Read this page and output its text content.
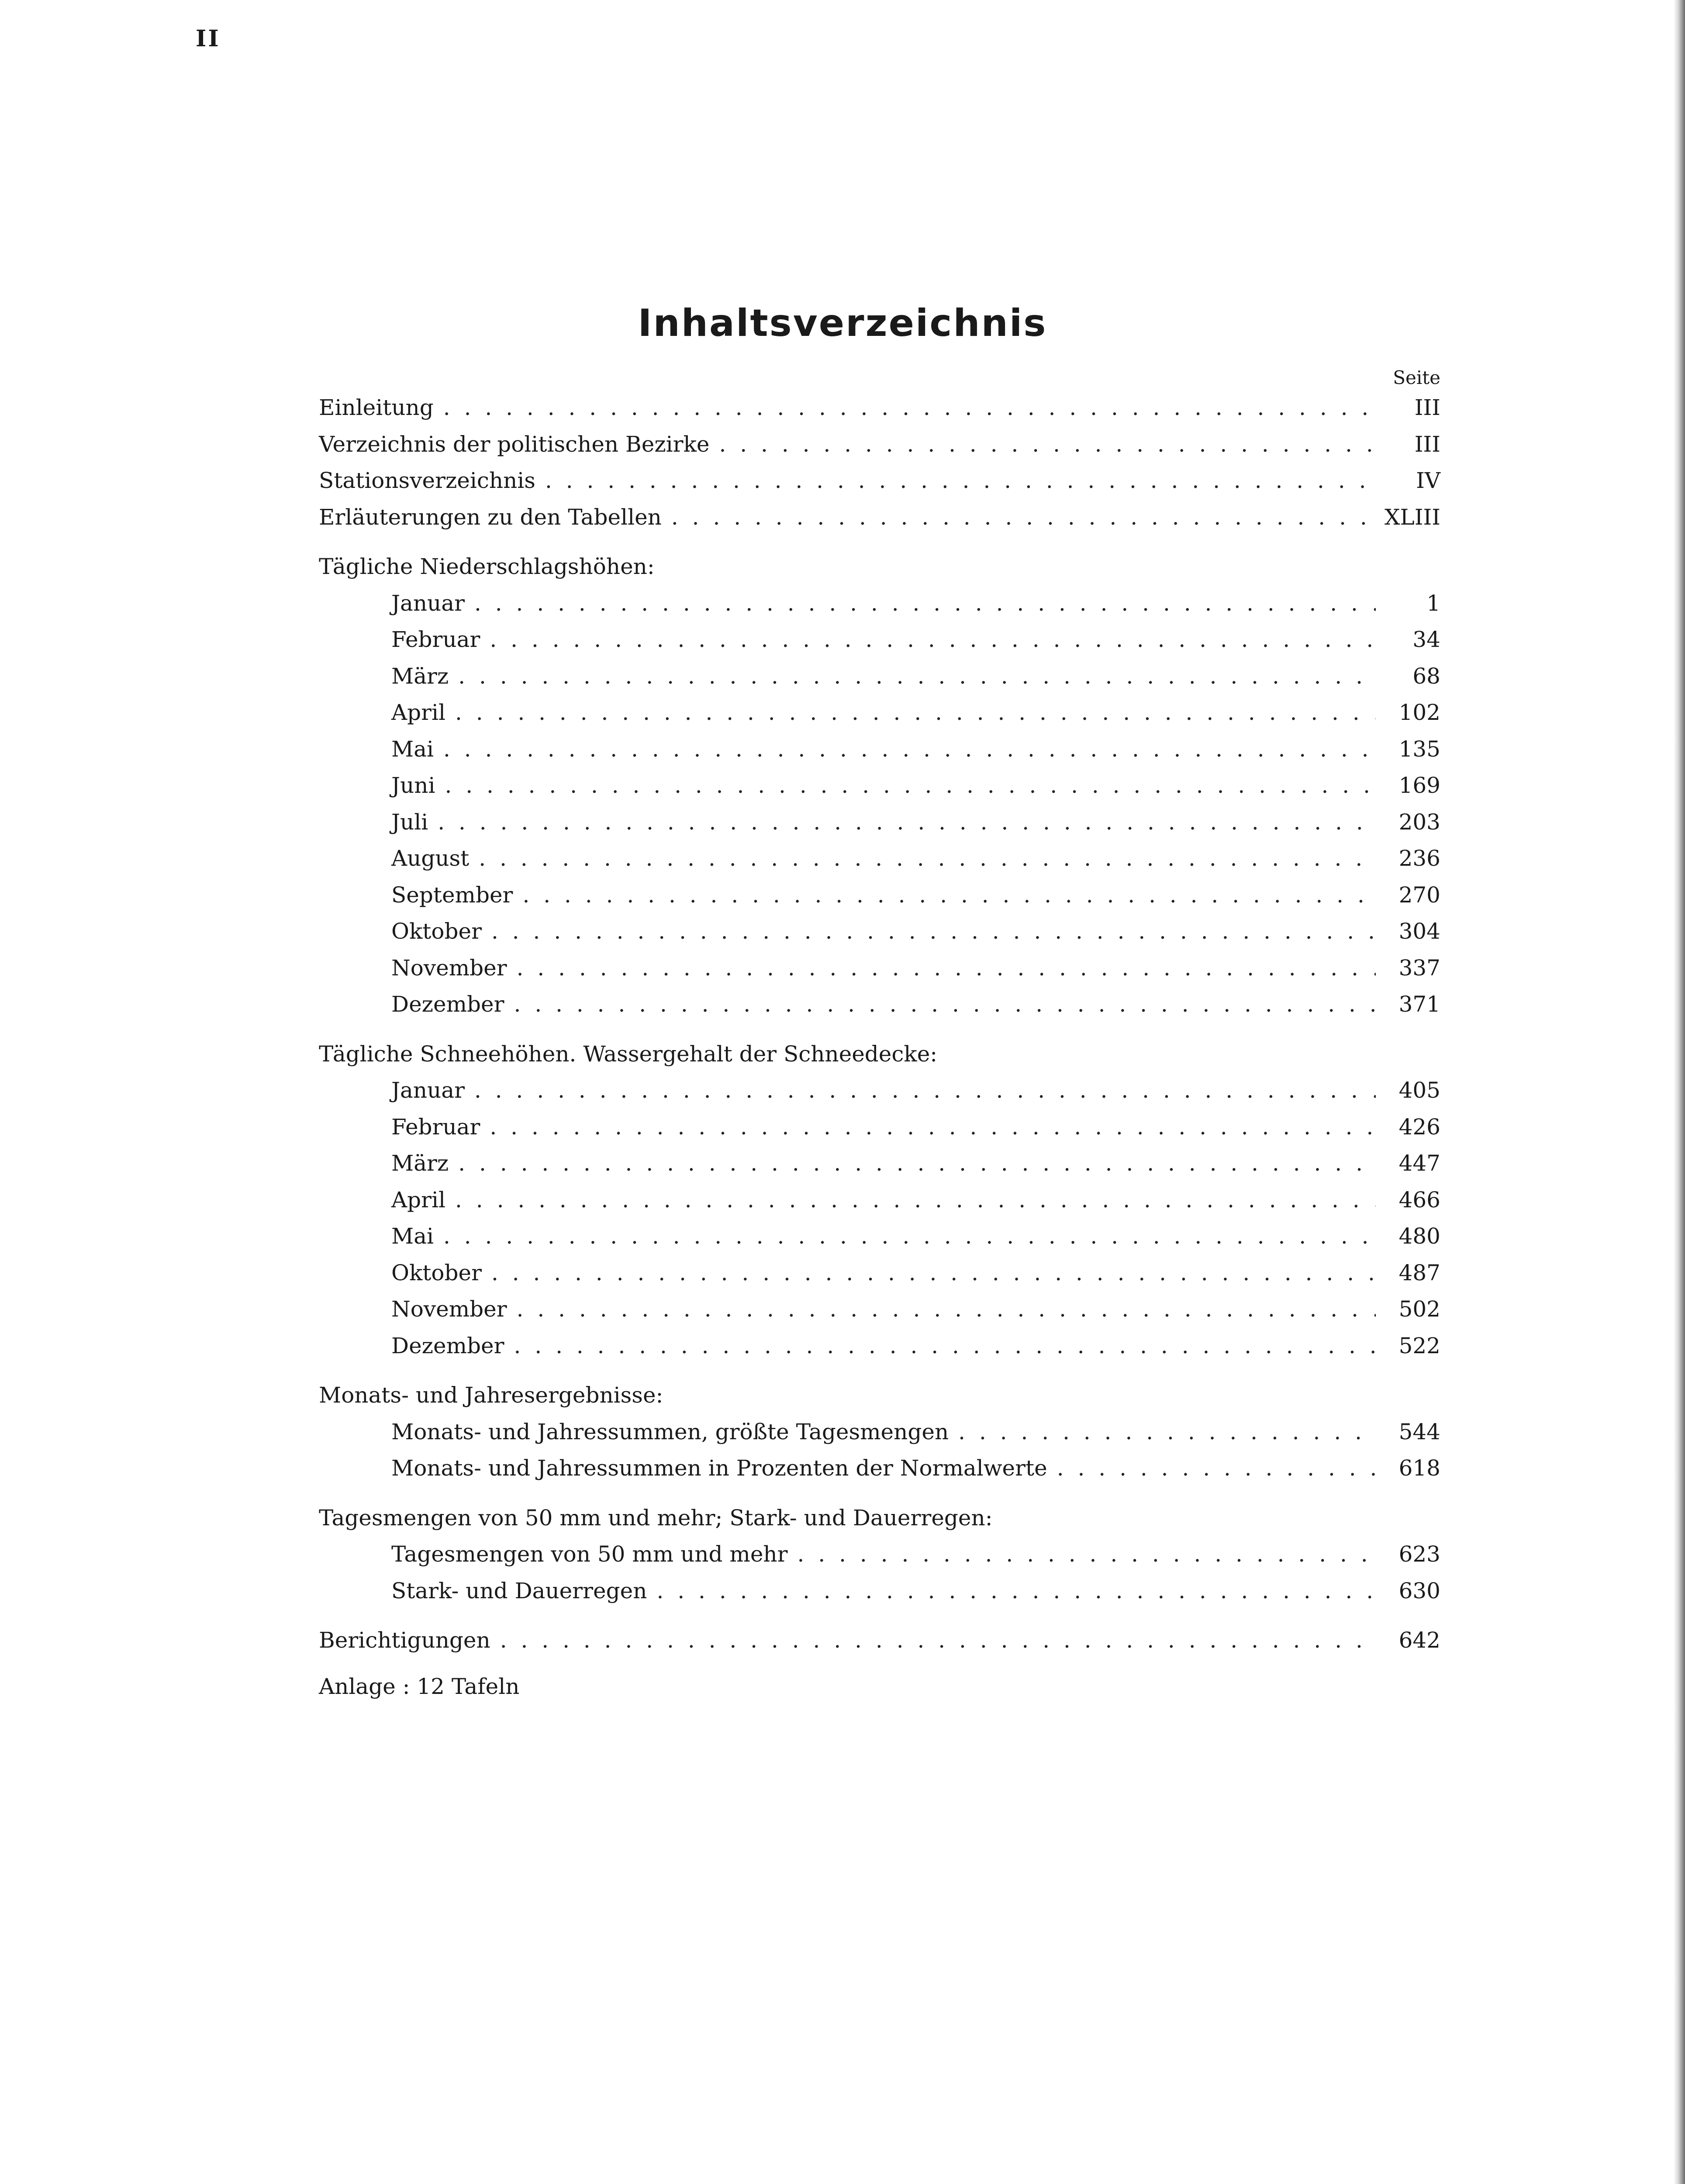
II
Inhaltsverzeichnis
Seite
Einleitung . . .	III
Verzeichnis der politischen Bezirke . . .	III
Stationsverzeichnis . . .	IV
Erläuterungen zu den Tabellen . . .	XLIII
Tägliche Niederschlagshöhen:
Januar . . .	1
Februar . . .	34
März . . .	68
April . . .	102
Mai . . .	135
Juni . . .	169
Juli . . .	203
August . . .	236
September . . .	270
Oktober . . .	304
November . . .	337
Dezember . . .	371
Tägliche Schneehöhen. Wassergehalt der Schneedecke:
Januar . . .	405
Februar . . .	426
März . . .	447
April . . .	466
Mai . . .	480
Oktober . . .	487
November . . .	502
Dezember . . .	522
Monats- und Jahresergebnisse:
Monats- und Jahressummen, größte Tagesmengen . . .	544
Monats- und Jahressummen in Prozenten der Normalwerte . . .	618
Tagesmengen von 50 mm und mehr; Stark- und Dauerregen:
Tagesmengen von 50 mm und mehr . . .	623
Stark- und Dauerregen . . .	630
Berichtigungen . . .	642
Anlage : 12 Tafeln
